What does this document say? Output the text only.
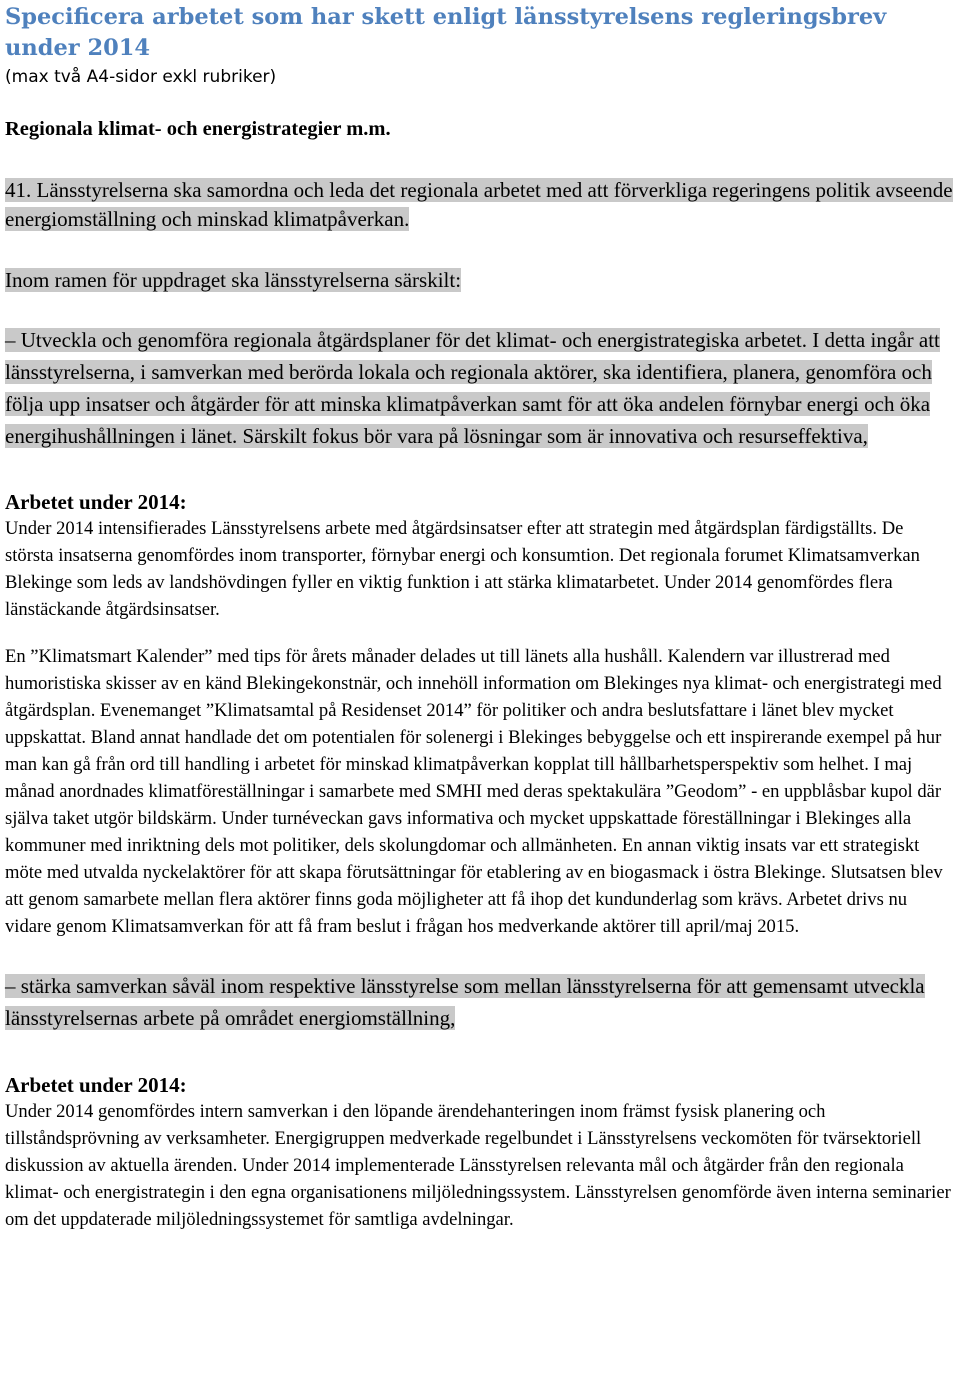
Specificera arbetet som har skett enligt länsstyrelsens regleringsbrev under 2014
(max två A4-sidor exkl rubriker)
Regionala klimat- och energistrategier m.m.

41. Länsstyrelserna ska samordna och leda det regionala arbetet med att förverkliga regeringens politik avseende energiomställning och minskad klimatpåverkan.

Inom ramen för uppdraget ska länsstyrelserna särskilt:

– Utveckla och genomföra regionala åtgärdsplaner för det klimat- och energistrategiska arbetet. I detta ingår att länsstyrelserna, i samverkan med berörda lokala och regionala aktörer, ska identifiera, planera, genomföra och följa upp insatser och åtgärder för att minska klimatpåverkan samt för att öka andelen förnybar energi och öka energihushållningen i länet. Särskilt fokus bör vara på lösningar som är innovativa och resurseffektiva,

Arbetet under 2014:

Under 2014 intensifierades Länsstyrelsens arbete med åtgärdsinsatser efter att strategin med åtgärdsplan färdigställts. De största insatserna genomfördes inom transporter, förnybar energi och konsumtion. Det regionala forumet Klimatsamverkan Blekinge som leds av landshövdingen fyller en viktig funktion i att stärka klimatarbetet. Under 2014 genomfördes flera länstäckande åtgärdsinsatser.

En ”Klimatsmart Kalender” med tips för årets månader delades ut till länets alla hushåll. Kalendern var illustrerad med humoristiska skisser av en känd Blekingekonstnär, och innehöll information om Blekinges nya klimat- och energistrategi med åtgärdsplan. Evenemanget ”Klimatsamtal på Residenset 2014” för politiker och andra beslutsfattare i länet blev mycket uppskattat. Bland annat handlade det om potentialen för solenergi i Blekinges bebyggelse och ett inspirerande exempel på hur man kan gå från ord till handling i arbetet för minskad klimatpåverkan kopplat till hållbarhetsperspektiv som helhet. I maj månad anordnades klimatföreställningar i samarbete med SMHI med deras spektakulära ”Geodom” - en uppblåsbar kupol där själva taket utgör bildskärm. Under turnéveckan gavs informativa och mycket uppskattade föreställningar i Blekinges alla kommuner med inriktning dels mot politiker, dels skolungdomar och allmänheten. En annan viktig insats var ett strategiskt möte med utvalda nyckelaktörer för att skapa förutsättningar för etablering av en biogasmack i östra Blekinge. Slutsatsen blev att genom samarbete mellan flera aktörer finns goda möjligheter att få ihop det kundunderlag som krävs. Arbetet drivs nu vidare genom Klimatsamverkan för att få fram beslut i frågan hos medverkande aktörer till april/maj 2015.

– stärka samverkan såväl inom respektive länsstyrelse som mellan länsstyrelserna för att gemensamt utveckla länsstyrelsernas arbete på området energiomställning,

Arbetet under 2014:

Under 2014 genomfördes intern samverkan i den löpande ärendehanteringen inom främst fysisk planering och tillståndsprövning av verksamheter. Energigruppen medverkade regelbundet i Länsstyrelsens veckomöten för tvärsektoriell diskussion av aktuella ärenden. Under 2014 implementerade Länsstyrelsen relevanta mål och åtgärder från den regionala klimat- och energistrategin i den egna organisationens miljöledningssystem. Länsstyrelsen genomförde även interna seminarier om det uppdaterade miljöledningssystemet för samtliga avdelningar.
